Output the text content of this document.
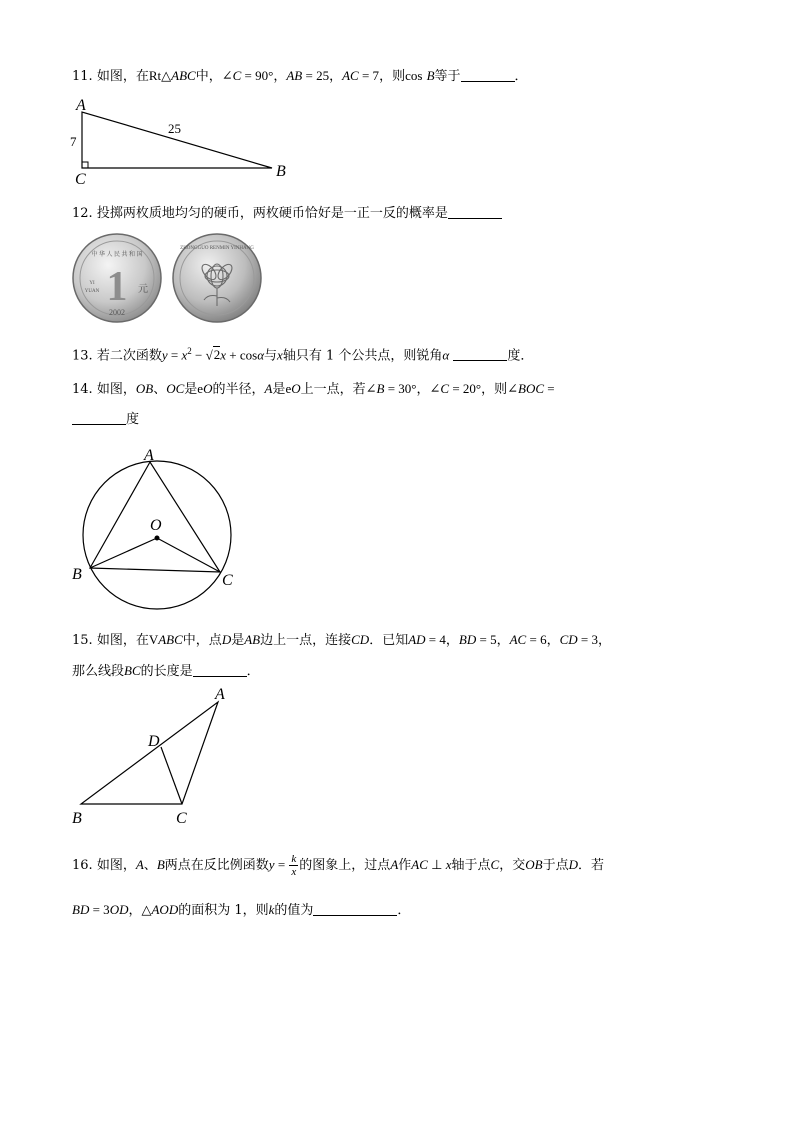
11. 如图，在Rt△ABC中，∠C = 90°，AB = 25，AC = 7，则cos B等于	．
A
7
25
C	B
12. 投掷两枚质地均匀的硬币，两枚硬币恰好是一正一反的概率是
中 华 人 民 共 和 国
1 元
YI
YUAN
2002
ZHONGGUO RENMIN YINHANG
13. 若二次函数$y = x^2 - √2x + \cos\alpha$与x轴只有 1 个公共点，则锐角α	度．
14. 如图，OB、OC是eO的半径，A是eO上一点，若∠B = 30°，∠C = 20°，则∠BOC =
度
A
O
B	C
15. 如图，在VABC中，点D是AB边上一点，连接CD．已知AD = 4，BD = 5，AC = 6，CD = 3，
那么线段BC的长度是	．
A
D
B	C
16. 如图，A、B两点在反比例函数$y = \frac{k}{x}$ 的图象上，过点A作AC ⊥ x轴于点C，交OB于点D．若
BD = 3OD，△AOD的面积为 1，则k的值为	．
